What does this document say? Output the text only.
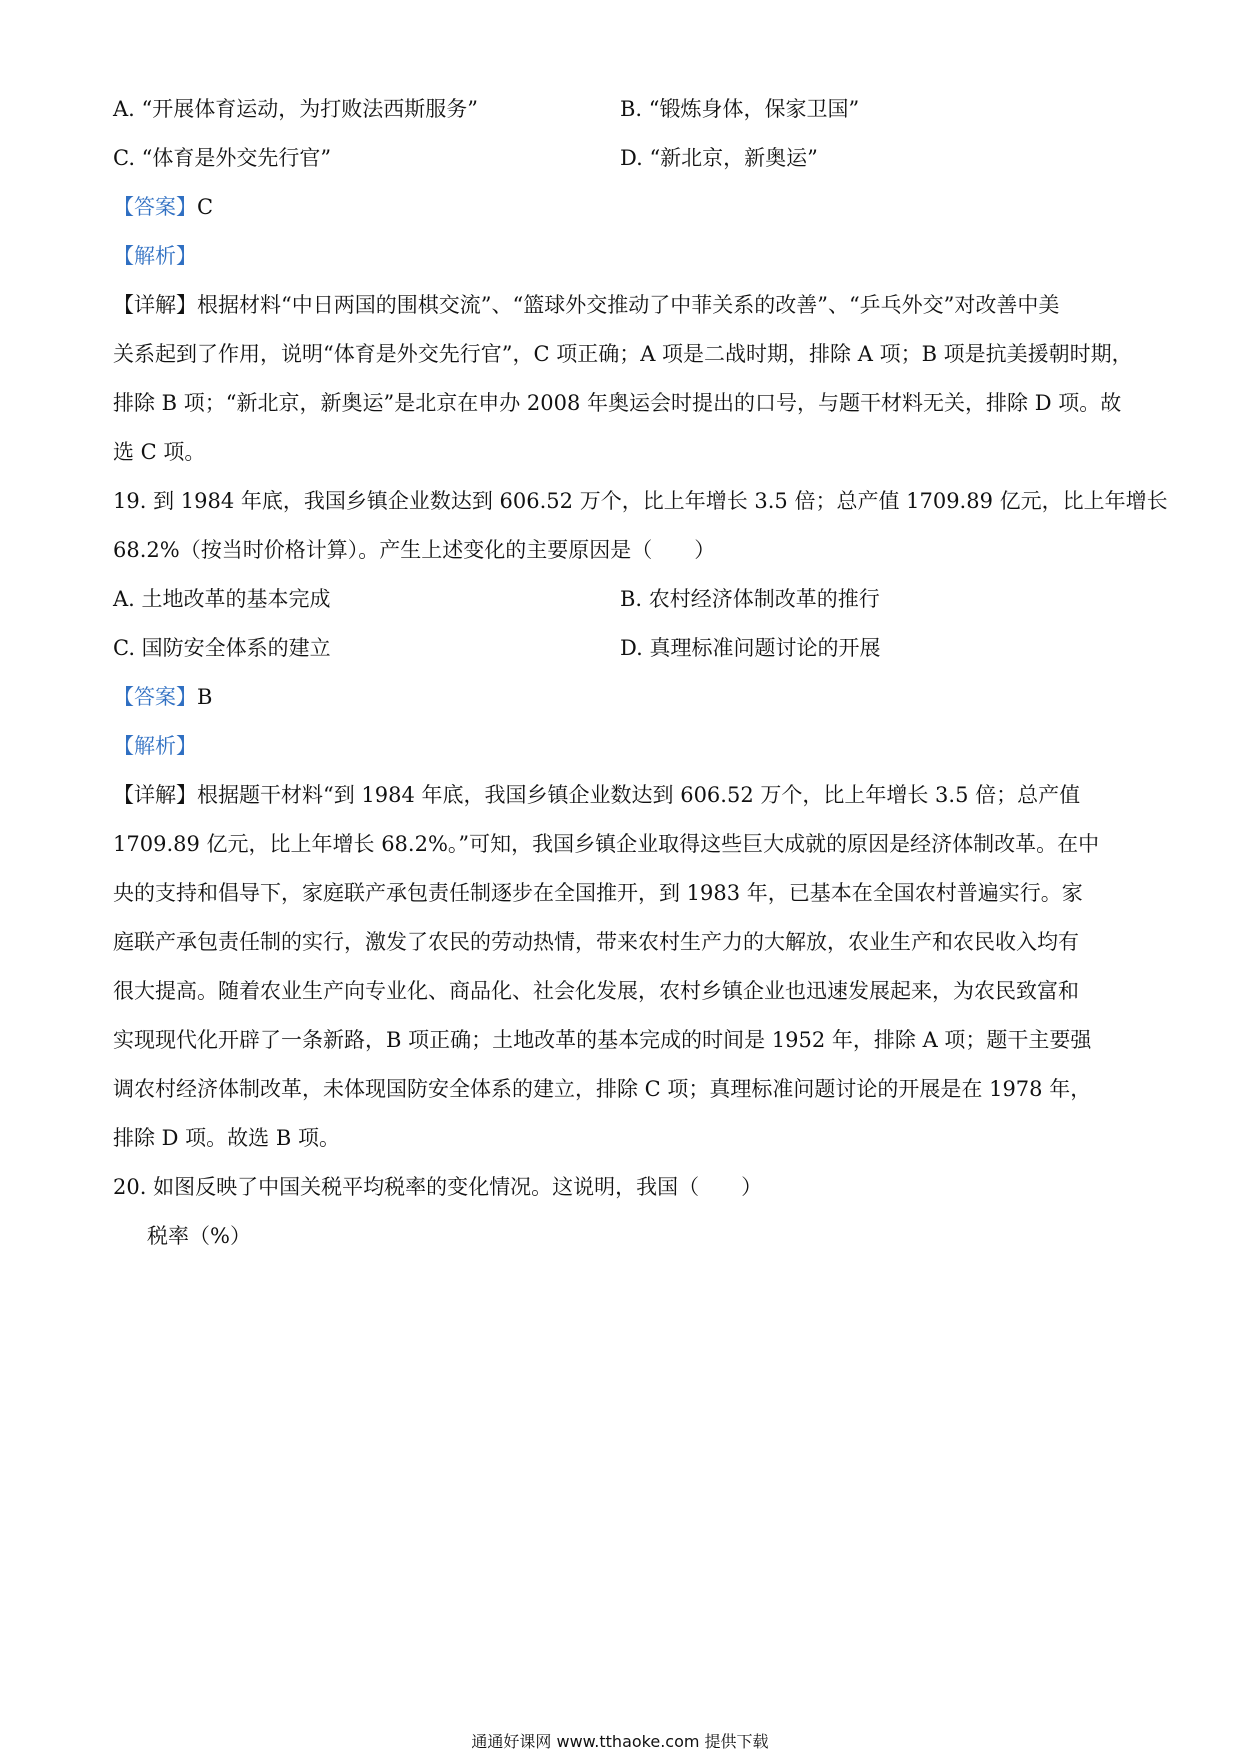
A. “开展体育运动，为打败法西斯服务”	B. “锻炼身体，保家卫国”
C. “体育是外交先行官”	D. “新北京，新奥运”
【答案】C
【解析】
【详解】根据材料“中日两国的围棋交流”、“篮球外交推动了中菲关系的改善”、“乒乓外交”对改善中美
关系起到了作用，说明“体育是外交先行官”，C 项正确；A 项是二战时期，排除 A 项；B 项是抗美援朝时期，
排除 B 项；“新北京，新奥运”是北京在申办 2008 年奥运会时提出的口号，与题干材料无关，排除 D 项。故
选 C 项。
19. 到 1984 年底，我国乡镇企业数达到 606.52 万个，比上年增长 3.5 倍；总产值 1709.89 亿元，比上年增长
68.2%（按当时价格计算）。产生上述变化的主要原因是（　　）
A. 土地改革的基本完成	B. 农村经济体制改革的推行
C. 国防安全体系的建立	D. 真理标准问题讨论的开展
【答案】B
【解析】
【详解】根据题干材料“到 1984 年底，我国乡镇企业数达到 606.52 万个，比上年增长 3.5 倍；总产值
1709.89 亿元，比上年增长 68.2%。”可知，我国乡镇企业取得这些巨大成就的原因是经济体制改革。在中
央的支持和倡导下，家庭联产承包责任制逐步在全国推开，到 1983 年，已基本在全国农村普遍实行。家
庭联产承包责任制的实行，激发了农民的劳动热情，带来农村生产力的大解放，农业生产和农民收入均有
很大提高。随着农业生产向专业化、商品化、社会化发展，农村乡镇企业也迅速发展起来，为农民致富和
实现现代化开辟了一条新路，B 项正确；土地改革的基本完成的时间是 1952 年，排除 A 项；题干主要强
调农村经济体制改革，未体现国防安全体系的建立，排除 C 项；真理标准问题讨论的开展是在 1978 年，
排除 D 项。故选 B 项。
20. 如图反映了中国关税平均税率的变化情况。这说明，我国（　　）
税率（%）
通通好课网 www.tthaoke.com 提供下载
